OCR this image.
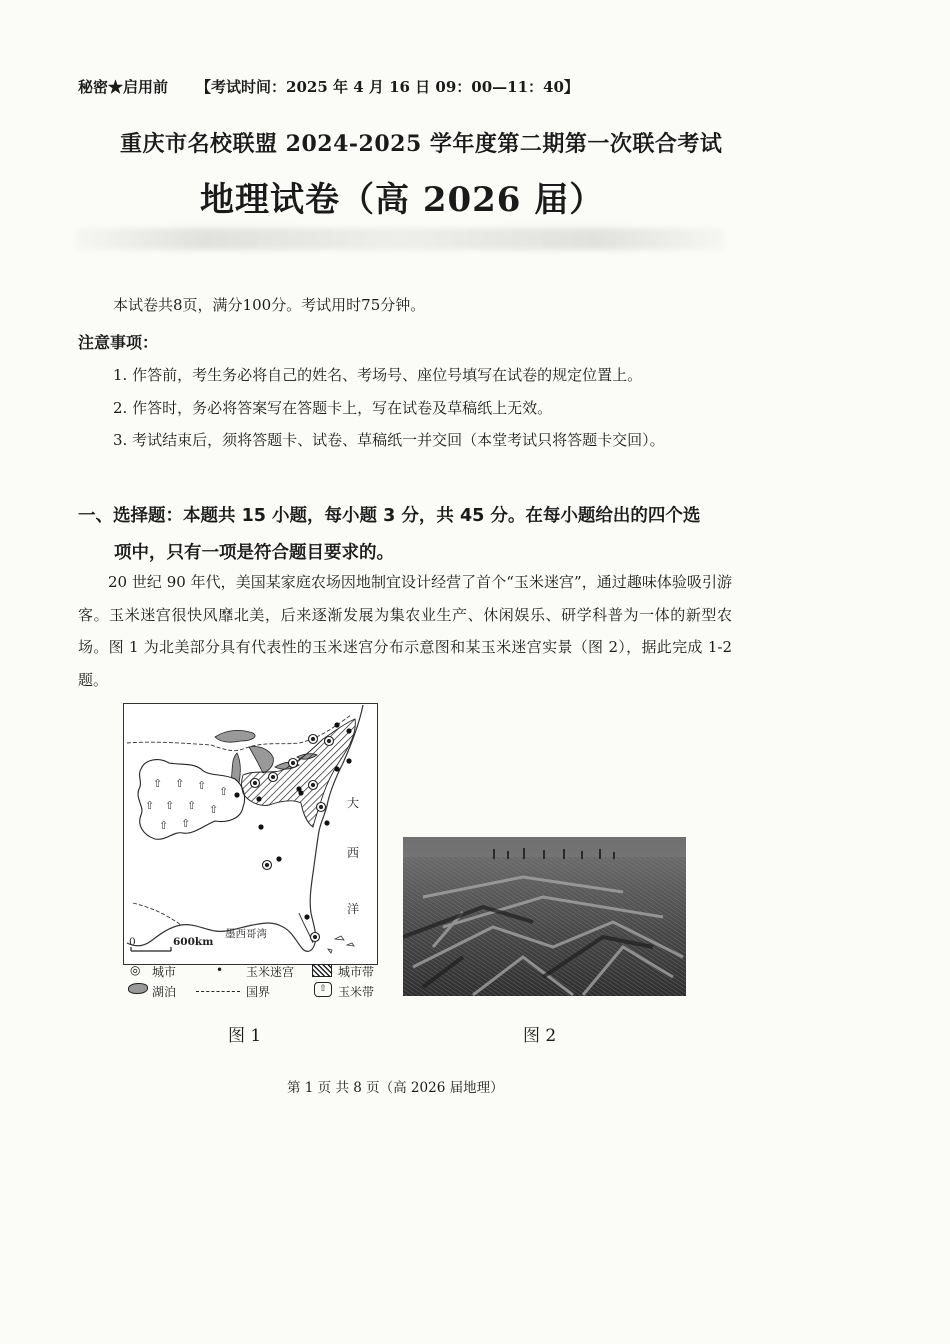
秘密★启用前 【考试时间：2025 年 4 月 16 日 09：00—11：40】
重庆市名校联盟 2024-2025 学年度第二期第一次联合考试
地理试卷（高 2026 届）
本试卷共8页，满分100分。考试用时75分钟。
注意事项：
1. 作答前，考生务必将自己的姓名、考场号、座位号填写在试卷的规定位置上。
2. 作答时，务必将答案写在答题卡上，写在试卷及草稿纸上无效。
3. 考试结束后，须将答题卡、试卷、草稿纸一并交回（本堂考试只将答题卡交回）。
一、选择题：本题共 15 小题，每小题 3 分，共 45 分。在每小题给出的四个选
项中，只有一项是符合题目要求的。

20 世纪 90 年代，美国某家庭农场因地制宜设计经营了首个“玉米迷宫”，通过趣味体验吸引游客。玉米迷宫很快风靡北美，后来逐渐发展为集农业生产、休闲娱乐、研学科普为一体的新型农场。图 1 为北美部分具有代表性的玉米迷宫分布示意图和某玉米迷宫实景（图 2），据此完成 1-2 题。

⇧ ⇧ ⇧ ⇧
⇧ ⇧ ⇧ ⇧
⇧ ⇧
大
西
洋
墨西哥湾
0	600km
◎ 城市	• 玉米迷宫	城市带
湖泊	国界	⇧ 玉米带
图 1	图 2
第 1 页 共 8 页（高 2026 届地理）
